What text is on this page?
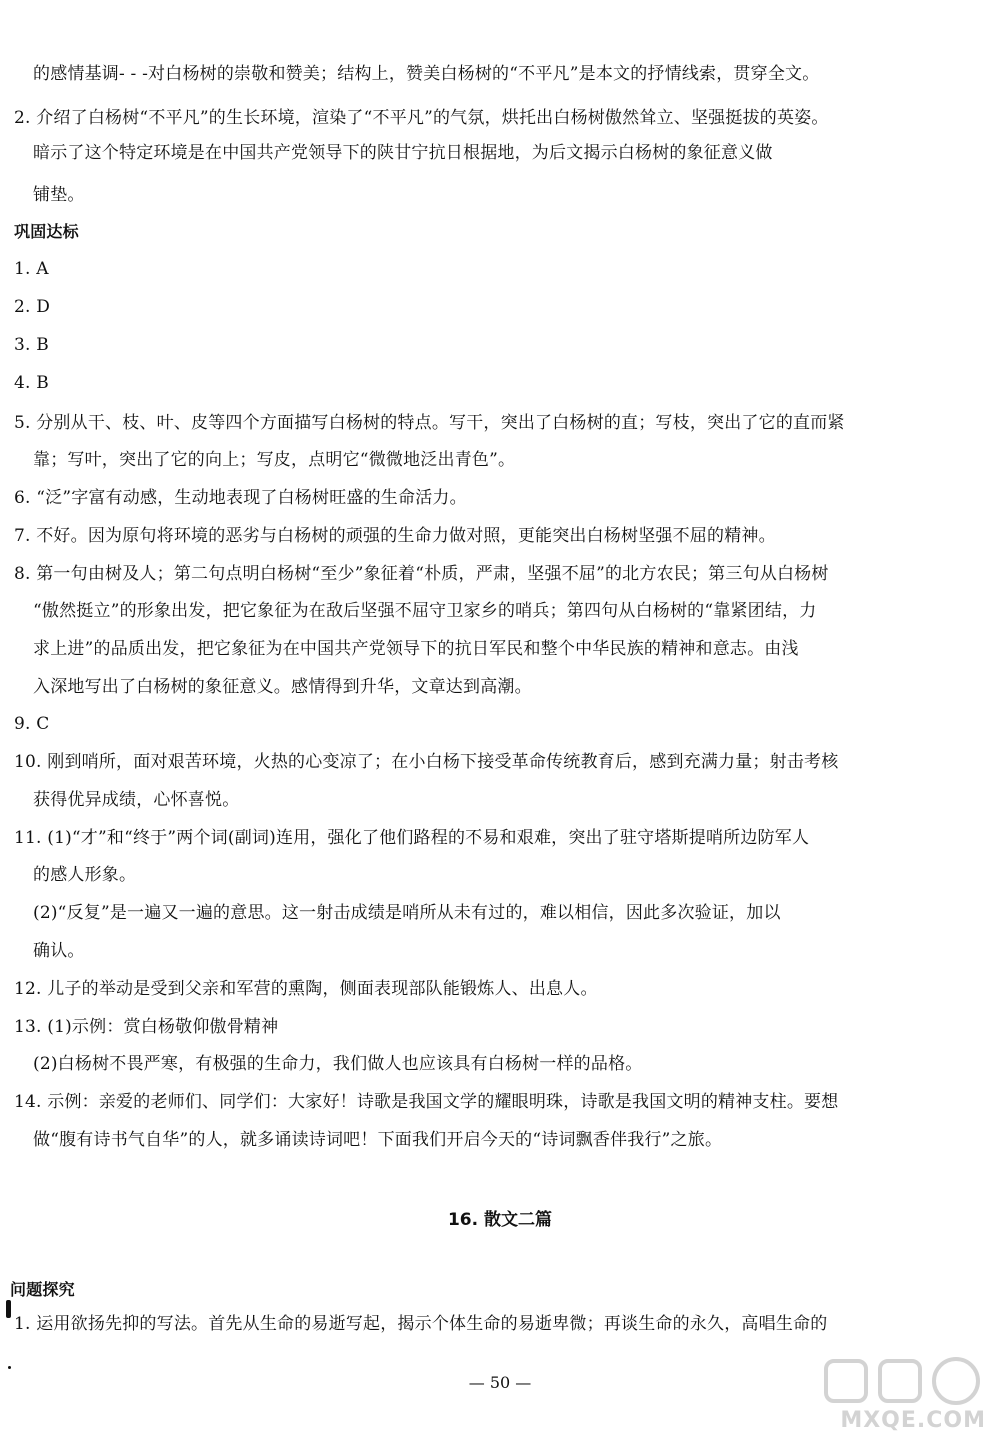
的感情基调- - -对白杨树的崇敬和赞美；结构上，赞美白杨树的“不平凡”是本文的抒情线索，贯穿全文。
2. 介绍了白杨树“不平凡”的生长环境，渲染了“不平凡”的气氛，烘托出白杨树傲然耸立、坚强挺拔的英姿。
暗示了这个特定环境是在中国共产党领导下的陕甘宁抗日根据地，为后文揭示白杨树的象征意义做
铺垫。
巩固达标
1. A
2. D
3. B
4. B
5. 分别从干、枝、叶、皮等四个方面描写白杨树的特点。写干，突出了白杨树的直；写枝，突出了它的直而紧
靠；写叶，突出了它的向上；写皮，点明它“微微地泛出青色”。
6. “泛”字富有动感，生动地表现了白杨树旺盛的生命活力。
7. 不好。因为原句将环境的恶劣与白杨树的顽强的生命力做对照，更能突出白杨树坚强不屈的精神。
8. 第一句由树及人；第二句点明白杨树“至少”象征着“朴质，严肃，坚强不屈”的北方农民；第三句从白杨树
“傲然挺立”的形象出发，把它象征为在敌后坚强不屈守卫家乡的哨兵；第四句从白杨树的“靠紧团结，力
求上进”的品质出发，把它象征为在中国共产党领导下的抗日军民和整个中华民族的精神和意志。由浅
入深地写出了白杨树的象征意义。感情得到升华，文章达到高潮。
9. C
10. 刚到哨所，面对艰苦环境，火热的心变凉了；在小白杨下接受革命传统教育后，感到充满力量；射击考核
获得优异成绩，心怀喜悦。
11. (1)“才”和“终于”两个词(副词)连用，强化了他们路程的不易和艰难，突出了驻守塔斯提哨所边防军人
的感人形象。
(2)“反复”是一遍又一遍的意思。这一射击成绩是哨所从未有过的，难以相信，因此多次验证，加以
确认。
12. 儿子的举动是受到父亲和军营的熏陶，侧面表现部队能锻炼人、出息人。
13. (1)示例：赏白杨敬仰傲骨精神
(2)白杨树不畏严寒，有极强的生命力，我们做人也应该具有白杨树一样的品格。
14. 示例：亲爱的老师们、同学们：大家好！诗歌是我国文学的耀眼明珠，诗歌是我国文明的精神支柱。要想
做“腹有诗书气自华”的人，就多诵读诗词吧！下面我们开启今天的“诗词飘香伴我行”之旅。
16. 散文二篇
问题探究
1. 运用欲扬先抑的写法。首先从生命的易逝写起，揭示个体生命的易逝卑微；再谈生命的永久，高唱生命的
— 50 —
MXQE.COM
